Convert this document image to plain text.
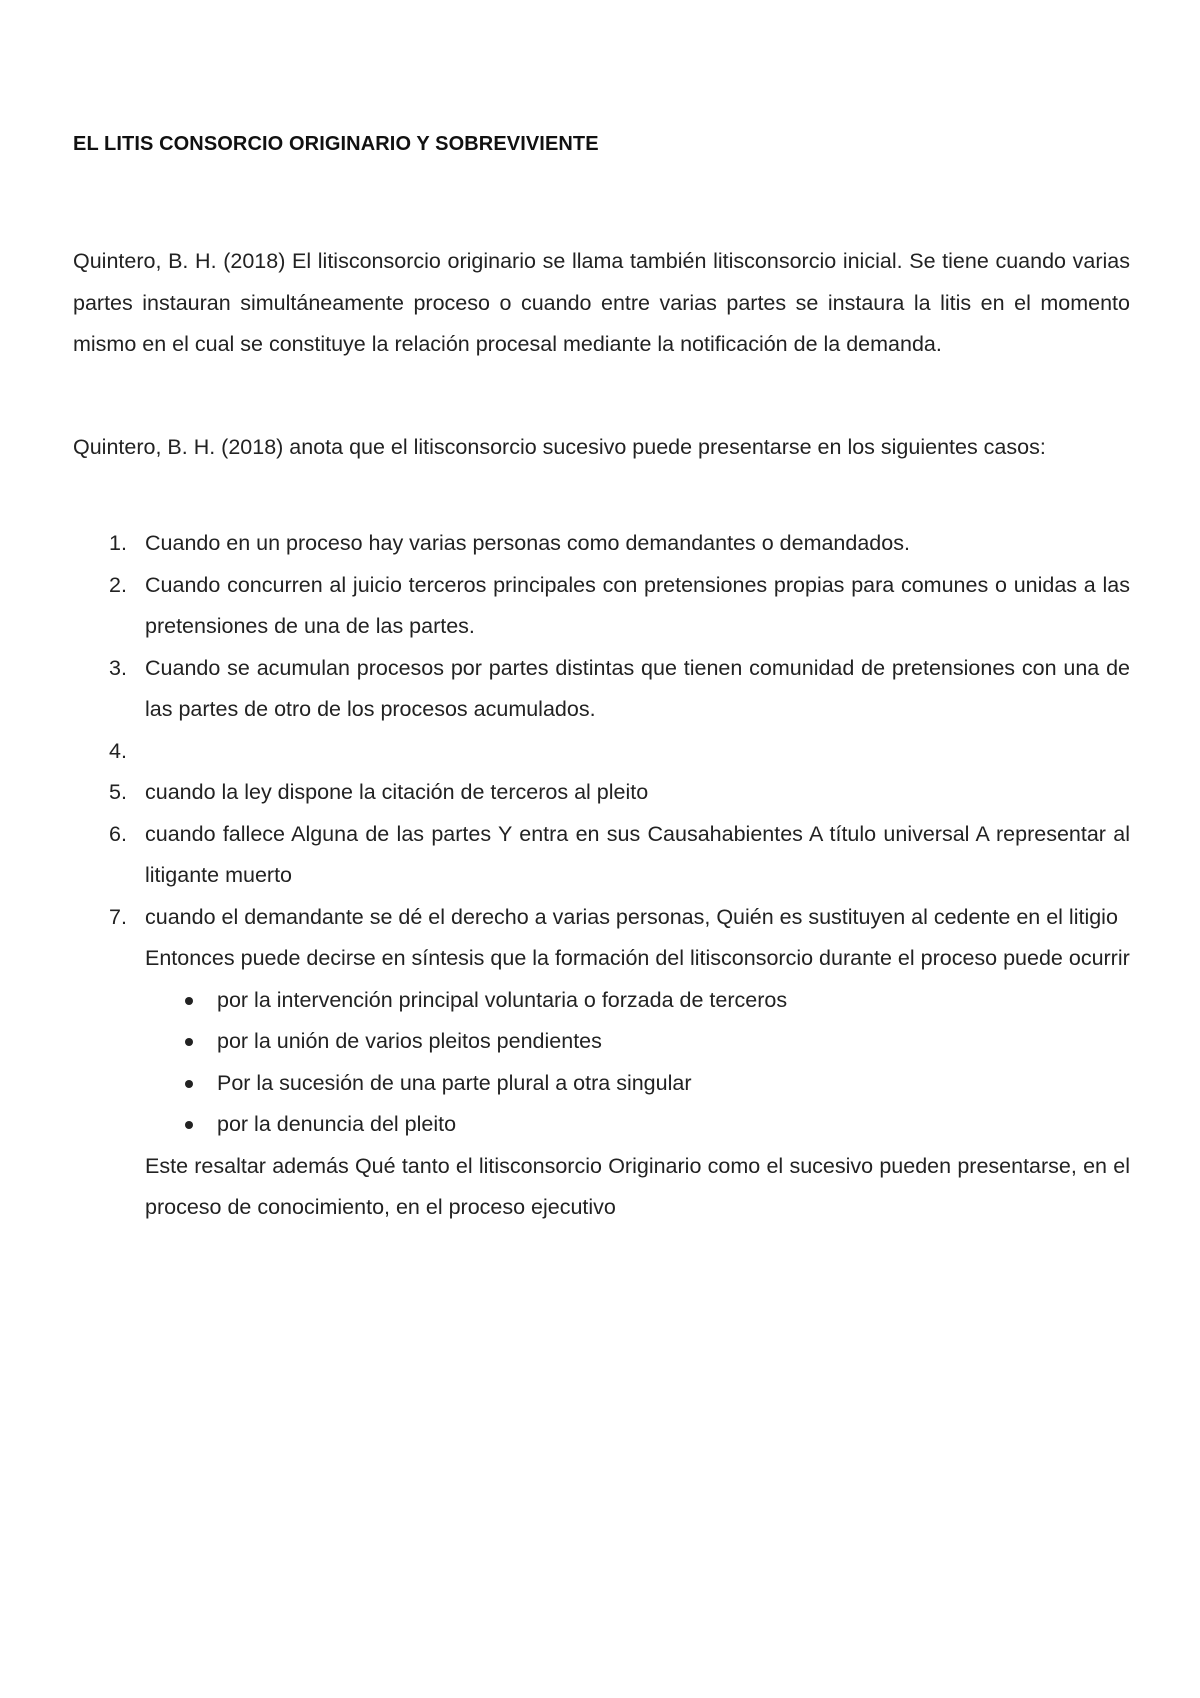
EL LITIS CONSORCIO ORIGINARIO Y SOBREVIVIENTE
Quintero, B. H. (2018) El litisconsorcio originario se llama también litisconsorcio inicial. Se tiene cuando varias partes instauran simultáneamente proceso o cuando entre varias partes se instaura la litis en el momento mismo en el cual se constituye la relación procesal mediante la notificación de la demanda.
Quintero, B. H. (2018) anota que el litisconsorcio sucesivo puede presentarse en los siguientes casos:
1. Cuando en un proceso hay varias personas como demandantes o demandados.
2. Cuando concurren al juicio terceros principales con pretensiones propias para comunes o unidas a las pretensiones de una de las partes.
3. Cuando se acumulan procesos por partes distintas que tienen comunidad de pretensiones con una de las partes de otro de los procesos acumulados.
4.
5. cuando la ley dispone la citación de terceros al pleito
6. cuando fallece Alguna de las partes Y entra en sus Causahabientes A título universal A representar al litigante muerto
7. cuando el demandante se dé el derecho a varias personas, Quién es sustituyen al cedente en el litigio
Entonces puede decirse en síntesis que la formación del litisconsorcio durante el proceso puede ocurrir
por la intervención principal voluntaria o forzada de terceros
por la unión de varios pleitos pendientes
Por la sucesión de una parte plural a otra singular
por la denuncia del pleito
Este resaltar además Qué tanto el litisconsorcio Originario como el sucesivo pueden presentarse, en el proceso de conocimiento, en el proceso ejecutivo
